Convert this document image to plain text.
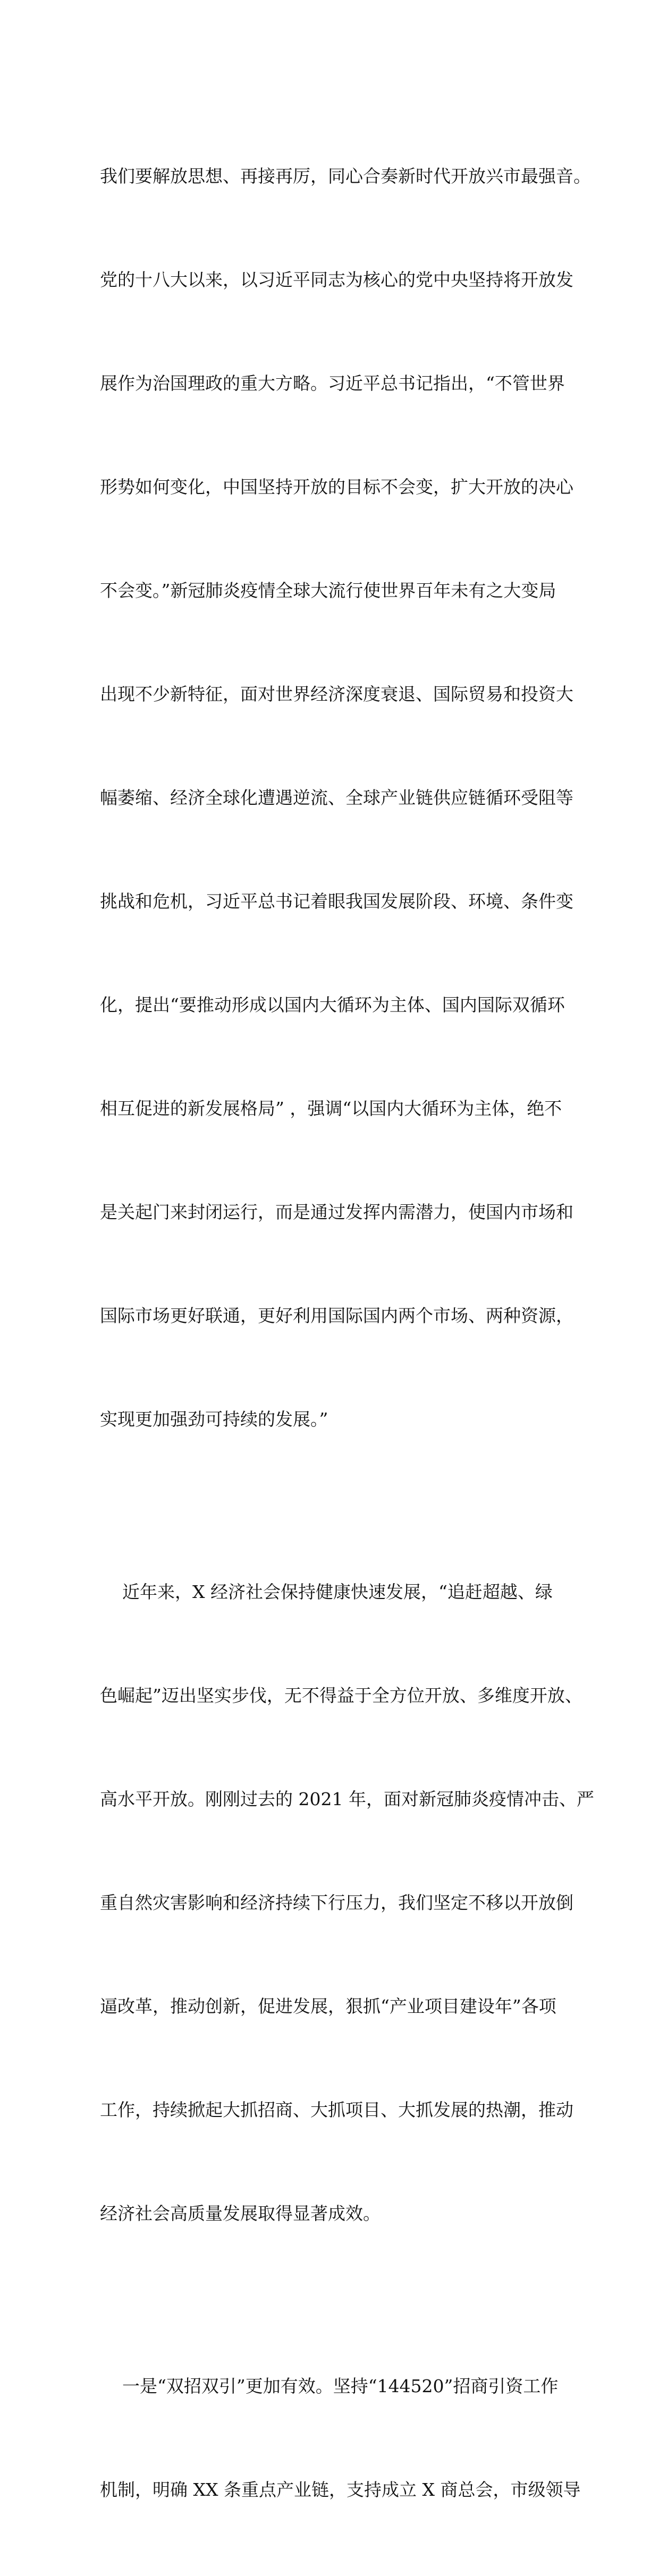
我们要解放思想、再接再厉，同心合奏新时代开放兴市最强音。

党的十八大以来，以习近平同志为核心的党中央坚持将开放发

展作为治国理政的重大方略。习近平总书记指出，“不管世界

形势如何变化，中国坚持开放的目标不会变，扩大开放的决心

不会变。”新冠肺炎疫情全球大流行使世界百年未有之大变局

出现不少新特征，面对世界经济深度衰退、国际贸易和投资大

幅萎缩、经济全球化遭遇逆流、全球产业链供应链循环受阻等

挑战和危机，习近平总书记着眼我国发展阶段、环境、条件变

化，提出“要推动形成以国内大循环为主体、国内国际双循环

相互促进的新发展格局” ，强调“以国内大循环为主体，绝不

是关起门来封闭运行，而是通过发挥内需潜力，使国内市场和

国际市场更好联通，更好利用国际国内两个市场、两种资源，

实现更加强劲可持续的发展。”

近年来，X 经济社会保持健康快速发展，“追赶超越、绿

色崛起”迈出坚实步伐，无不得益于全方位开放、多维度开放、

高水平开放。刚刚过去的 2021 年，面对新冠肺炎疫情冲击、严

重自然灾害影响和经济持续下行压力，我们坚定不移以开放倒

逼改革，推动创新，促进发展，狠抓“产业项目建设年”各项

工作，持续掀起大抓招商、大抓项目、大抓发展的热潮，推动

经济社会高质量发展取得显著成效。

一是“双招双引”更加有效。坚持“144520”招商引资工作

机制，明确 XX 条重点产业链，支持成立 X 商总会，市级领导
